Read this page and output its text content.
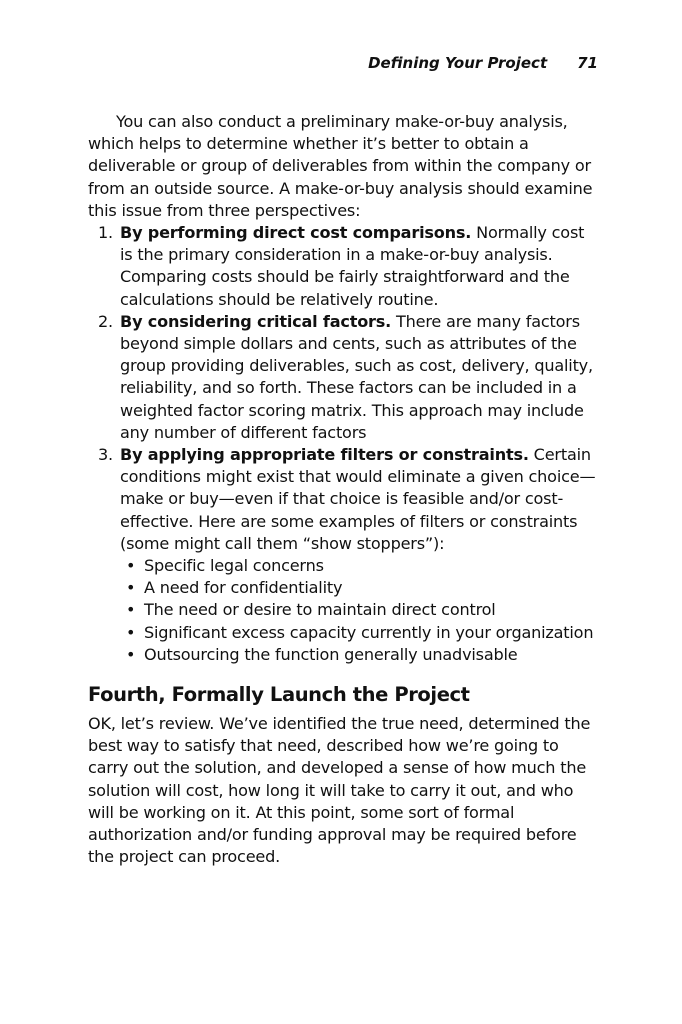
Defining Your Project 71

You can also conduct a preliminary make-or-buy analysis, which helps to determine whether it’s better to obtain a deliverable or group of deliverables from within the company or from an outside source. A make-or-buy analysis should examine this issue from three perspectives:

1. By performing direct cost comparisons. Normally cost is the primary consideration in a make-or-buy analysis. Comparing costs should be fairly straightforward and the calculations should be relatively routine.
2. By considering critical factors. There are many factors beyond simple dollars and cents, such as attributes of the group providing deliverables, such as cost, delivery, quality, reliability, and so forth. These factors can be included in a weighted factor scoring matrix. This approach may include any number of different factors
3. By applying appropriate filters or constraints. Certain conditions might exist that would eliminate a given choice—make or buy—even if that choice is feasible and/or cost-effective. Here are some examples of filters or constraints (some might call them “show stoppers”):
• Specific legal concerns
• A need for confidentiality
• The need or desire to maintain direct control
• Significant excess capacity currently in your organization
• Outsourcing the function generally unadvisable
Fourth, Formally Launch the Project

OK, let’s review. We’ve identified the true need, determined the best way to satisfy that need, described how we’re going to carry out the solution, and developed a sense of how much the solution will cost, how long it will take to carry it out, and who will be working on it. At this point, some sort of formal authorization and/or funding approval may be required before the project can proceed.
